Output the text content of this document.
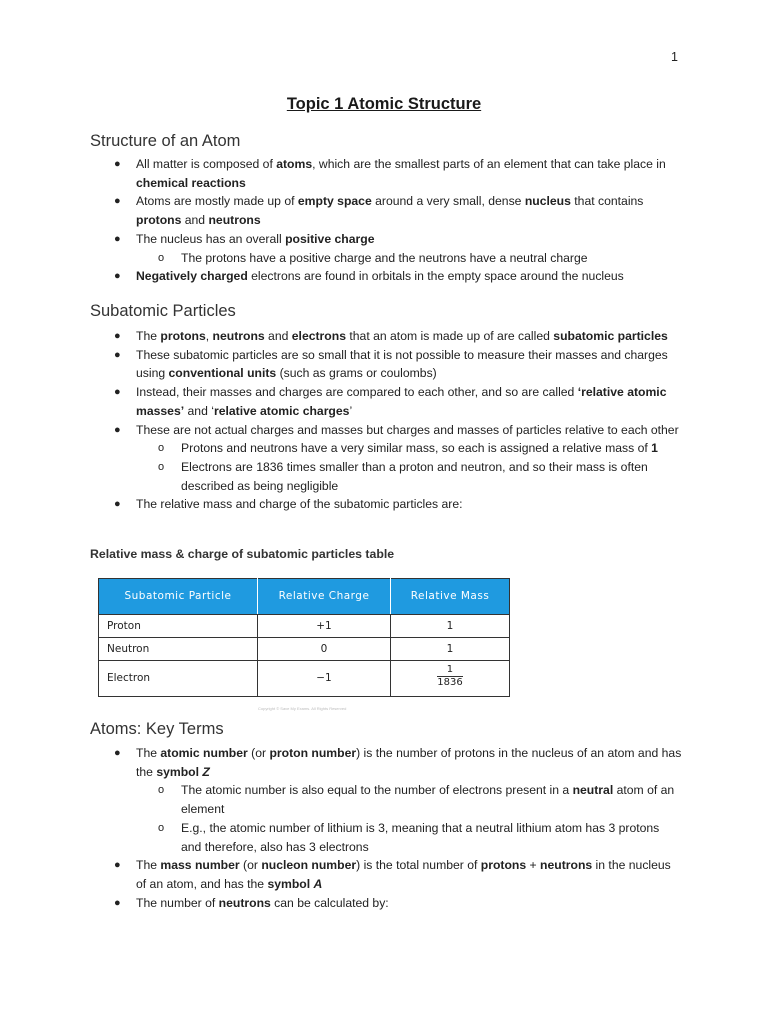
1
Topic 1 Atomic Structure
Structure of an Atom
● All matter is composed of atoms, which are the smallest parts of an element that can take place in chemical reactions
● Atoms are mostly made up of empty space around a very small, dense nucleus that contains protons and neutrons
● The nucleus has an overall positive charge
o The protons have a positive charge and the neutrons have a neutral charge
● Negatively charged electrons are found in orbitals in the empty space around the nucleus
Subatomic Particles
● The protons, neutrons and electrons that an atom is made up of are called subatomic particles
● These subatomic particles are so small that it is not possible to measure their masses and charges using conventional units (such as grams or coulombs)
● Instead, their masses and charges are compared to each other, and so are called ‘relative atomic masses’ and ‘relative atomic charges’
● These are not actual charges and masses but charges and masses of particles relative to each other
o Protons and neutrons have a very similar mass, so each is assigned a relative mass of 1
o Electrons are 1836 times smaller than a proton and neutron, and so their mass is often described as being negligible
● The relative mass and charge of the subatomic particles are:
Relative mass & charge of subatomic particles table
Subatomic Particle	Relative Charge	Relative Mass
Proton	+1	1
Neutron	0	1
Electron	−1	$\frac{1}{1836}$
Copyright © Save My Exams. All Rights Reserved
Atoms: Key Terms
● The atomic number (or proton number) is the number of protons in the nucleus of an atom and has the symbol Z
o The atomic number is also equal to the number of electrons present in a neutral atom of an element
o E.g., the atomic number of lithium is 3, meaning that a neutral lithium atom has 3 protons and therefore, also has 3 electrons
● The mass number (or nucleon number) is the total number of protons + neutrons in the nucleus of an atom, and has the symbol A
● The number of neutrons can be calculated by:
